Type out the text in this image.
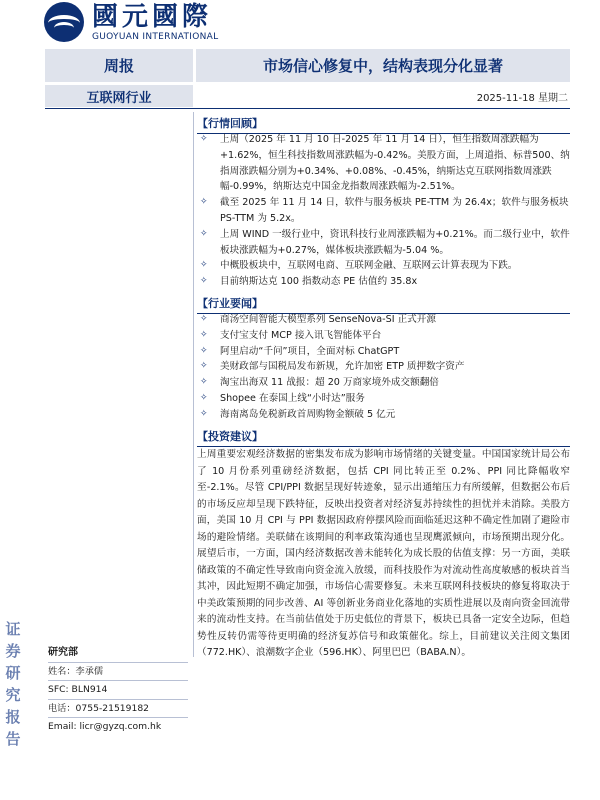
國元國際
GUOYUAN INTERNATIONAL
周报	市场信心修复中，结构表现分化显著
互联网行业	2025-11-18 星期二
【行情回顾】
✧ 上周（2025 年 11 月 10 日-2025 年 11 月 14 日），恒生指数周涨跌幅为+1.62%，恒生科技指数周涨跌幅为-0.42%。美股方面，上周道指、标普500、纳指周涨跌幅分别为+0.34%、+0.08%、-0.45%，纳斯达克互联网指数周涨跌幅-0.99%，纳斯达克中国金龙指数周涨跌幅为-2.51%。
✧ 截至 2025 年 11 月 14 日，软件与服务板块 PE-TTM 为 26.4x；软件与服务板块 PS-TTM 为 5.2x。
✧ 上周 WIND 一级行业中，资讯科技行业周涨跌幅为+0.21%。而二级行业中，软件板块涨跌幅为+0.27%，媒体板块涨跌幅为-5.04 %。
✧ 中概股板块中，互联网电商、互联网金融、互联网云计算表现为下跌。
✧ 目前纳斯达克 100 指数动态 PE 估值约 35.8x
【行业要闻】
✧ 商汤空间智能大模型系列 SenseNova-SI 正式开源
✧ 支付宝支付 MCP 接入讯飞智能体平台
✧ 阿里启动“千问”项目，全面对标 ChatGPT
✧ 美财政部与国税局发布新规，允许加密 ETP 质押数字资产
✧ 淘宝出海双 11 战报：超 20 万商家境外成交额翻倍
✧ Shopee 在泰国上线“小时达”服务
✧ 海南离岛免税新政首周购物金额破 5 亿元
【投资建议】
上周重要宏观经济数据的密集发布成为影响市场情绪的关键变量。中国国家统计局公布了 10 月份系列重磅经济数据，包括 CPI 同比转正至 0.2%、PPI 同比降幅收窄至-2.1%。尽管 CPI/PPI 数据呈现好转迹象，显示出通缩压力有所缓解，但数据公布后的市场反应却呈现下跌特征，反映出投资者对经济复苏持续性的担忧并未消除。美股方面，美国 10 月 CPI 与 PPI 数据因政府停摆风险而面临延迟这种不确定性加剧了避险市场的避险情绪。美联储在该期间的利率政策沟通也呈现鹰派倾向，市场预期出现分化。展望后市，一方面，国内经济数据改善未能转化为成长股的估值支撑：另一方面，美联储政策的不确定性导致南向资金流入放缓，而科技股作为对流动性高度敏感的板块首当其冲，因此短期不确定加强，市场信心需要修复。未来互联网科技板块的修复将取决于中美政策预期的同步改善、AI 等创新业务商业化落地的实质性进展以及南向资金回流带来的流动性支持。在当前估值处于历史低位的背景下，板块已具备一定安全边际，但趋势性反转仍需等待更明确的经济复苏信号和政策催化。综上，目前建议关注阅文集团（772.HK）、浪潮数字企业（596.HK）、阿里巴巴（BABA.N）。
证券研究报告
研究部
姓名：李承儒
SFC: BLN914
电话：0755-21519182
Email: licr@gyzq.com.hk
